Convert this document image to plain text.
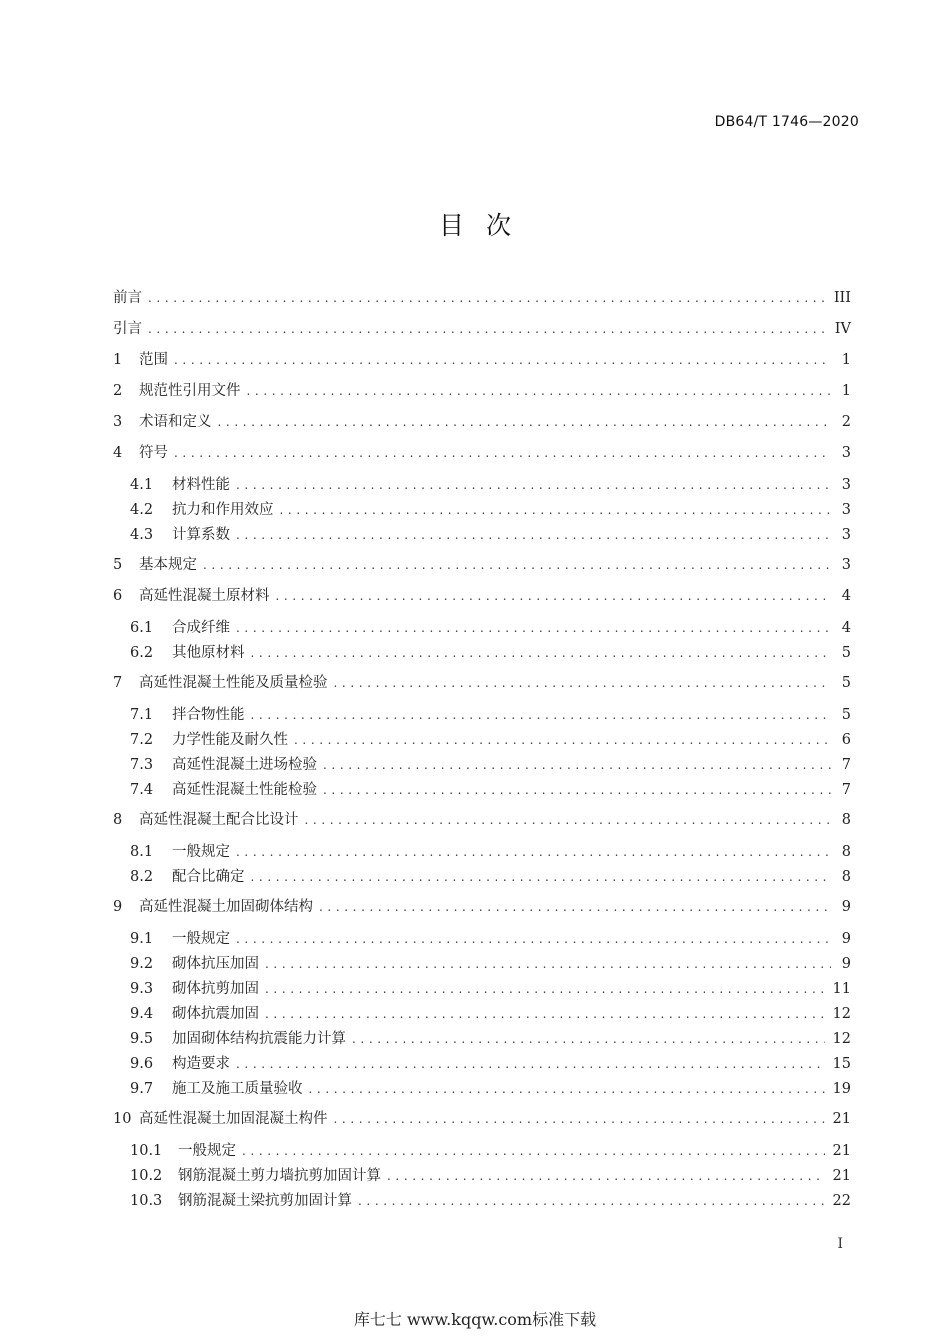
DB64/T 1746—2020
目次
前言 .....	III
引言 .....	IV
1	范围 .....	1
2	规范性引用文件 .....	1
3	术语和定义 .....	2
4	符号 .....	3
4.1	材料性能 .....	3
4.2	抗力和作用效应 .....	3
4.3	计算系数 .....	3
5	基本规定 .....	3
6	高延性混凝土原材料 .....	4
6.1	合成纤维 .....	4
6.2	其他原材料 .....	5
7	高延性混凝土性能及质量检验 .....	5
7.1	拌合物性能 .....	5
7.2	力学性能及耐久性 .....	6
7.3	高延性混凝土进场检验 .....	7
7.4	高延性混凝土性能检验 .....	7
8	高延性混凝土配合比设计 .....	8
8.1	一般规定 .....	8
8.2	配合比确定 .....	8
9	高延性混凝土加固砌体结构 .....	9
9.1	一般规定 .....	9
9.2	砌体抗压加固 .....	9
9.3	砌体抗剪加固 .....	11
9.4	砌体抗震加固 .....	12
9.5	加固砌体结构抗震能力计算 .....	12
9.6	构造要求 .....	15
9.7	施工及施工质量验收 .....	19
10 高延性混凝土加固混凝土构件 .....	21
10.1	一般规定 .....	21
10.2	钢筋混凝土剪力墙抗剪加固计算 .....	21
10.3	钢筋混凝土梁抗剪加固计算 .....	22
I
库七七 www.kqqw.com标准下载
